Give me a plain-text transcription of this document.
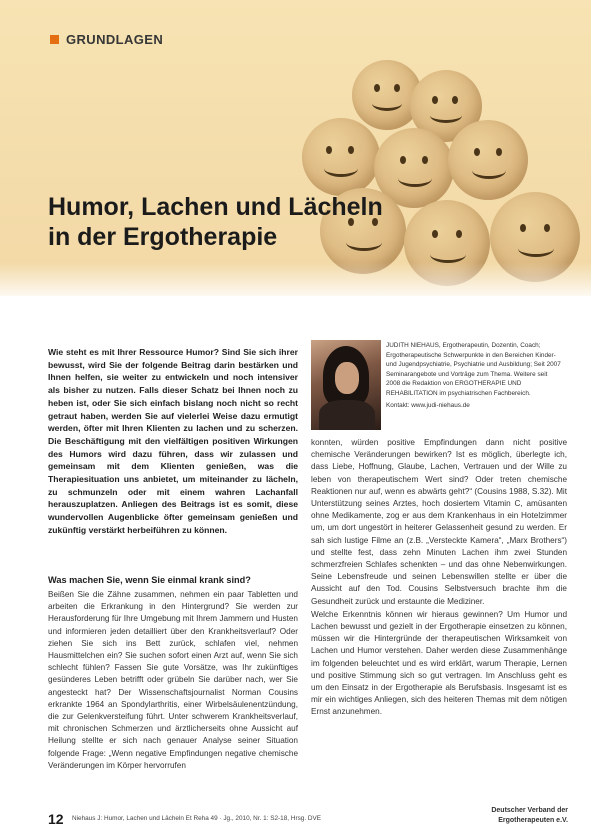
GRUNDLAGEN
Humor, Lachen und Lächeln
in der Ergotherapie
Wie steht es mit Ihrer Ressource Humor? Sind Sie sich ihrer bewusst, wird Sie der folgende Beitrag darin bestärken und Ihnen helfen, sie weiter zu entwickeln und noch intensiver als bisher zu nutzen. Falls dieser Schatz bei Ihnen noch zu heben ist, oder Sie sich einfach bislang noch nicht so recht getraut haben, werden Sie auf vielerlei Weise dazu ermutigt werden, öfter mit Ihren Klienten zu lachen und zu scherzen. Die Beschäftigung mit den vielfältigen positiven Wirkungen des Humors wird dazu führen, dass wir zulassen und gemeinsam mit dem Klienten genießen, was die Therapiesituation uns anbietet, um miteinander zu lächeln, zu schmunzeln oder mit einem wahren Lachanfall herauszuplatzen. Anliegen des Beitrags ist es somit, diese wundervollen Augenblicke öfter gemeinsam genießen und zukünftig verstärkt herbeiführen zu können.
JUDITH NIEHAUS, Ergotherapeutin, Dozentin, Coach; Ergotherapeutische Schwerpunkte in den Bereichen Kinder- und Jugendpsychiatrie, Psychiatrie und Ausbildung; Seit 2007 Seminarangebote und Vorträge zum Thema. Weitere seit 2008 die Redaktion von ERGOTHERAPIE UND REHABILITATION im psychiatrischen Fachbereich.
Kontakt: www.judi-niehaus.de
Was machen Sie, wenn Sie einmal krank sind?

Beißen Sie die Zähne zusammen, nehmen ein paar Tabletten und arbeiten die Erkrankung in den Hintergrund? Sie werden zur Herausforderung für Ihre Umgebung mit Ihrem Jammern und Husten und informieren jeden detailliert über den Krankheitsverlauf? Oder ziehen Sie sich ins Bett zurück, schlafen viel, nehmen Hausmittelchen ein? Sie suchen sofort einen Arzt auf, wenn Sie sich schlecht fühlen? Fassen Sie gute Vorsätze, was Ihr zukünftiges gesünderes Leben betrifft oder grübeln Sie darüber nach, wer Sie angesteckt hat? Der Wissenschaftsjournalist Norman Cousins erkrankte 1964 an Spondylarthritis, einer Wirbelsäulenentzündung, die zur Gelenkversteifung führt. Unter schwerem Krankheitsverlauf, mit chronischen Schmerzen und ärztlicherseits ohne Aussicht auf Heilung stellte er sich nach genauer Analyse seiner Situation folgende Frage: „Wenn negative Empfindungen negative chemische Veränderungen im Körper hervorrufen

konnten, würden positive Empfindungen dann nicht positive chemische Veränderungen bewirken? Ist es möglich, überlegte ich, dass Liebe, Hoffnung, Glaube, Lachen, Vertrauen und der Wille zu leben von therapeutischem Wert sind? Oder treten chemische Reaktionen nur auf, wenn es abwärts geht?“ (Cousins 1988, S.32). Mit Unterstützung seines Arztes, hoch dosiertem Vitamin C, amüsanten ohne Medikamente, zog er aus dem Krankenhaus in ein Hotelzimmer um, um dort ungestört in heiterer Gelassenheit gesund zu werden. Er sah sich lustige Filme an (z.B. „Versteckte Kamera“, „Marx Brothers“) und stellte fest, dass zehn Minuten Lachen ihm zwei Stunden schmerzfreien Schlafes schenkten – und das ohne Nebenwirkungen. Seine Lebensfreude und seinen Lebenswillen stellte er über die Aussicht auf den Tod. Cousins Selbstversuch brachte ihm die Gesundheit zurück und erstaunte die Mediziner.

Welche Erkenntnis können wir hieraus gewinnen? Um Humor und Lachen bewusst und gezielt in der Ergotherapie einsetzen zu können, müssen wir die Hintergründe der therapeutischen Wirksamkeit von Lachen und Humor verstehen. Daher werden diese Zusammenhänge im folgenden beleuchtet und es wird erklärt, warum Therapie, Lernen und positive Stimmung sich so gut vertragen. Im Anschluss geht es um den Einsatz in der Ergotherapie als Berufsbasis. Insgesamt ist es mir ein wichtiges Anliegen, sich des heiteren Themas mit dem nötigen Ernst anzunehmen.

12 Niehaus J: Humor, Lachen und Lächeln Et Reha 49 · Jg., 2010, Nr. 1: S2-18, Hrsg. DVE
Deutscher Verband der
Ergotherapeuten e.V.
